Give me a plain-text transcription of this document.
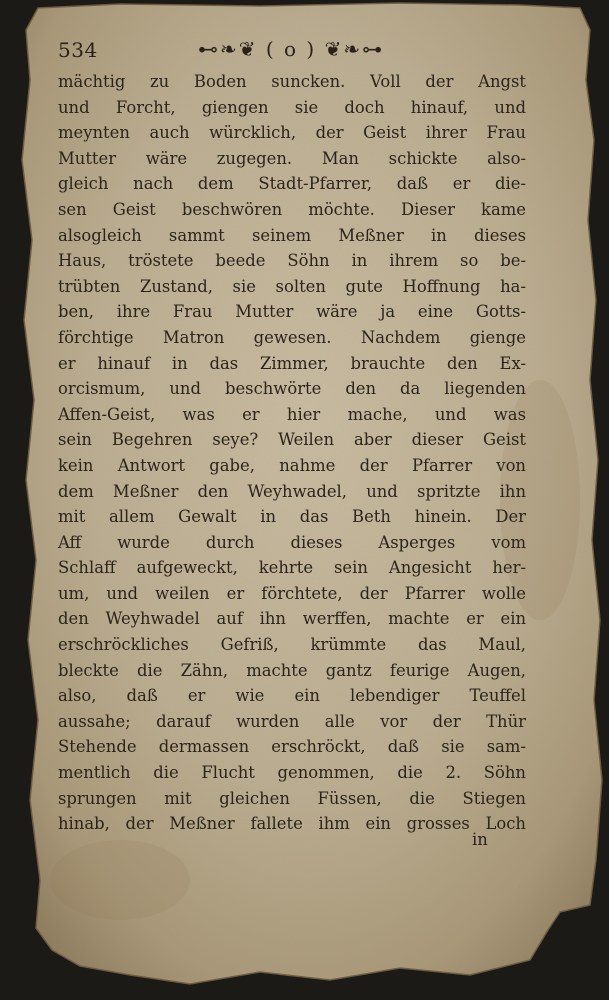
534	⊷❧❦ ( o ) ❦❧⊶
mächtig zu Boden suncken. Voll der Angst
und Forcht, giengen sie doch hinauf, und
meynten auch würcklich, der Geist ihrer Frau
Mutter wäre zugegen. Man schickte also-
gleich nach dem Stadt-Pfarrer, daß er die-
sen Geist beschwören möchte. Dieser kame
alsogleich sammt seinem Meßner in dieses
Haus, tröstete beede Söhn in ihrem so be-
trübten Zustand, sie solten gute Hoffnung ha-
ben, ihre Frau Mutter wäre ja eine Gotts-
förchtige Matron gewesen. Nachdem gienge
er hinauf in das Zimmer, brauchte den Ex-
orcismum, und beschwörte den da liegenden
Affen-Geist, was er hier mache, und was
sein Begehren seye? Weilen aber dieser Geist
kein Antwort gabe, nahme der Pfarrer von
dem Meßner den Weyhwadel, und spritzte ihn
mit allem Gewalt in das Beth hinein. Der
Aff wurde durch dieses Asperges vom
Schlaff aufgeweckt, kehrte sein Angesicht her-
um, und weilen er förchtete, der Pfarrer wolle
den Weyhwadel auf ihn werffen, machte er ein
erschröckliches Gefriß, krümmte das Maul,
bleckte die Zähn, machte gantz feurige Augen,
also, daß er wie ein lebendiger Teuffel
aussahe; darauf wurden alle vor der Thür
Stehende dermassen erschröckt, daß sie sam-
mentlich die Flucht genommen, die 2. Söhn
sprungen mit gleichen Füssen, die Stiegen
hinab, der Meßner fallete ihm ein grosses Loch
in
